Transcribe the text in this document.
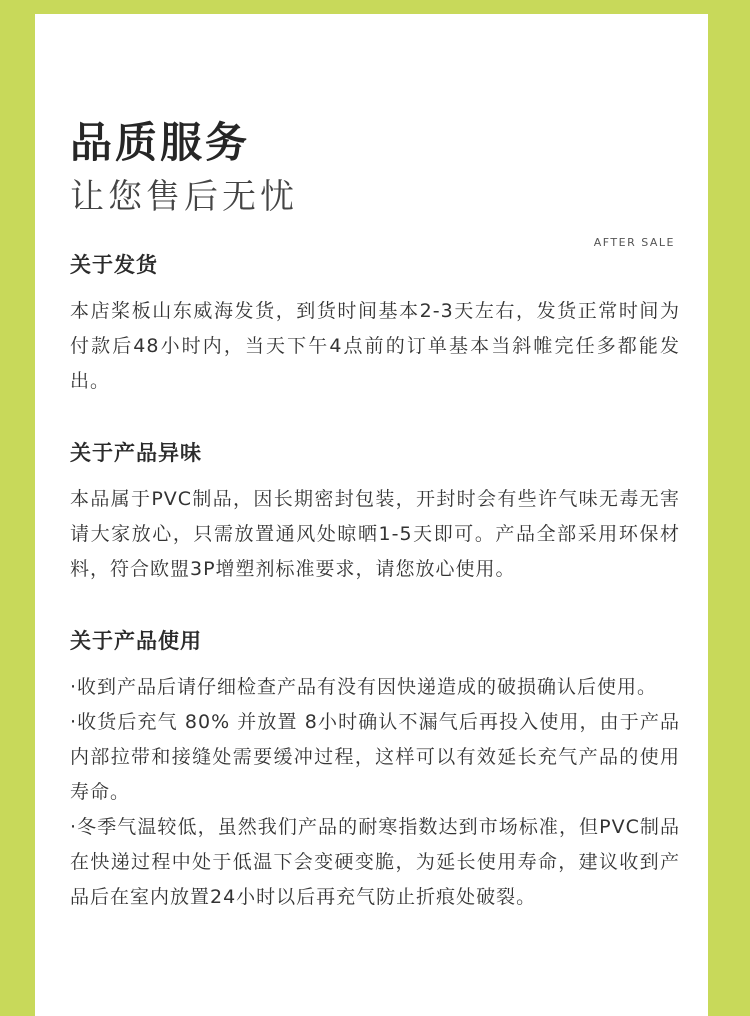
品质服务
让您售后无忧
AFTER SALE
关于发货

本店桨板山东威海发货，到货时间基本2-3天左右，发货正常时间为付款后48小时内，当天下午4点前的订单基本当斜帷完任多都能发出。

关于产品异味

本品属于PVC制品，因长期密封包装，开封时会有些许气味无毒无害请大家放心，只需放置通风处晾晒1-5天即可。产品全部采用环保材料，符合欧盟3P增塑剂标准要求，请您放心使用。

关于产品使用

·收到产品后请仔细检查产品有没有因快递造成的破损确认后使用。

·收货后充气 80% 并放置 8小时确认不漏气后再投入使用，由于产品内部拉带和接缝处需要缓冲过程，这样可以有效延长充气产品的使用寿命。

·冬季气温较低，虽然我们产品的耐寒指数达到市场标准，但PVC制品在快递过程中处于低温下会变硬变脆，为延长使用寿命，建议收到产品后在室内放置24小时以后再充气防止折痕处破裂。
